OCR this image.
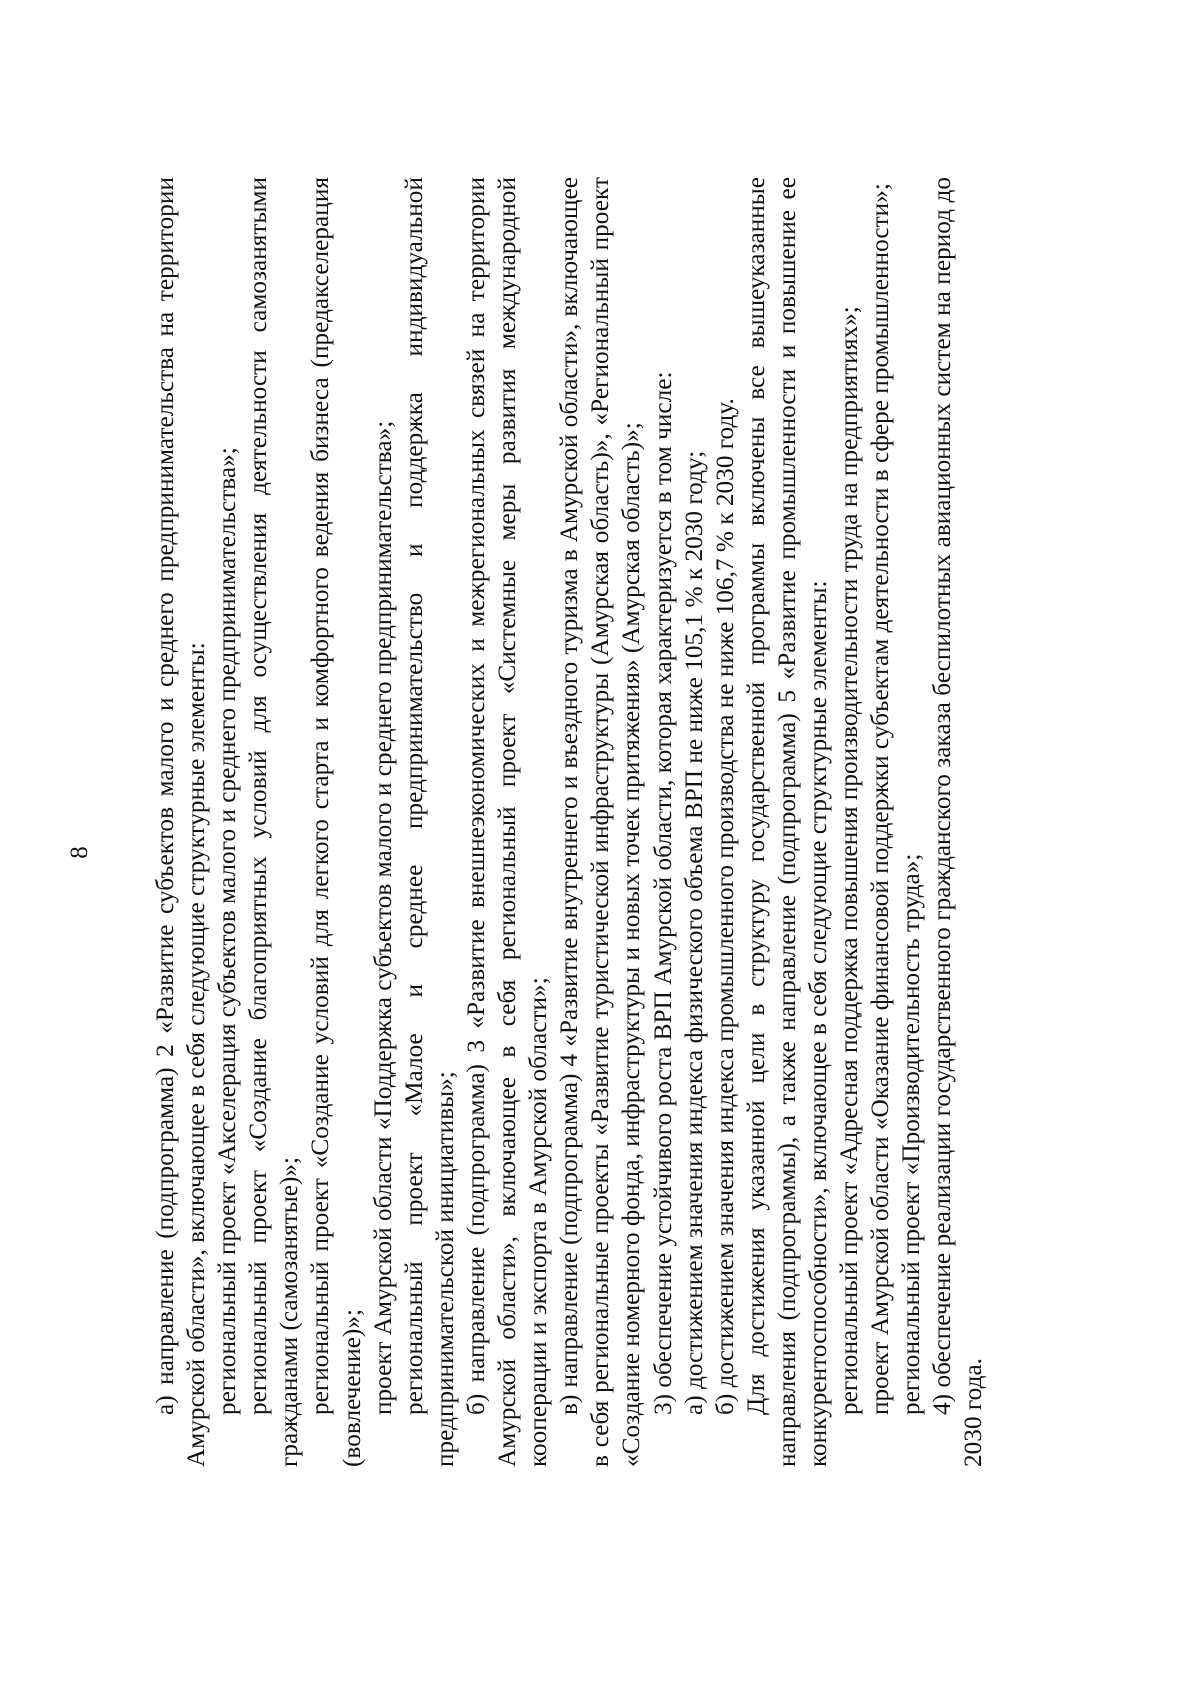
8 а) направление (подпрограмма) 2 «Развитие субъектов малого и среднего предпринимательства на территории Амурской области», включающее в себя следующие структурные элементы: региональный проект «Акселерация субъектов малого и среднего предпринимательства»; региональный проект «Создание благоприятных условий для осуществления деятельности самозанятыми гражданами (самозанятые)»; региональный проект «Создание условий для легкого старта и комфортного ведения бизнеса (предакселерация (вовлечение)»; проект Амурской области «Поддержка субъектов малого и среднего предпринимательства»; региональный проект «Малое и среднее предпринимательство и поддержка индивидуальной предпринимательской инициативы»; б) направление (подпрограмма) 3 «Развитие внешнеэкономических и межрегиональных связей на территории Амурской области», включающее в себя региональный проект «Системные меры развития международной кооперации и экспорта в Амурской области»; в) направление (подпрограмма) 4 «Развитие внутреннего и въездного туризма в Амурской области», включающее в себя региональные проекты «Развитие туристической инфраструктуры (Амурская область)», «Региональный проект «Создание номерного фонда, инфраструктуры и новых точек притяжения» (Амурская область)»; 3) обеспечение устойчивого роста ВРП Амурской области, которая характеризуется в том числе: а) достижением значения индекса физического объема ВРП не ниже 105,1 % к 2030 году; б) достижением значения индекса промышленного производства не ниже 106,7 % к 2030 году. Для достижения указанной цели в структуру государственной программы включены все вышеуказанные направления (подпрограммы), а также направление (подпрограмма) 5 «Развитие промышленности и повышение ее конкурентоспособности», включающее в себя следующие структурные элементы: региональный проект «Адресная поддержка повышения производительности труда на предприятиях»; проект Амурской области «Оказание финансовой поддержки субъектам деятельности в сфере промышленности»; региональный проект «Производительность труда»; 4) обеспечение реализации государственного гражданского заказа беспилотных авиационных систем на период до 2030 года.
